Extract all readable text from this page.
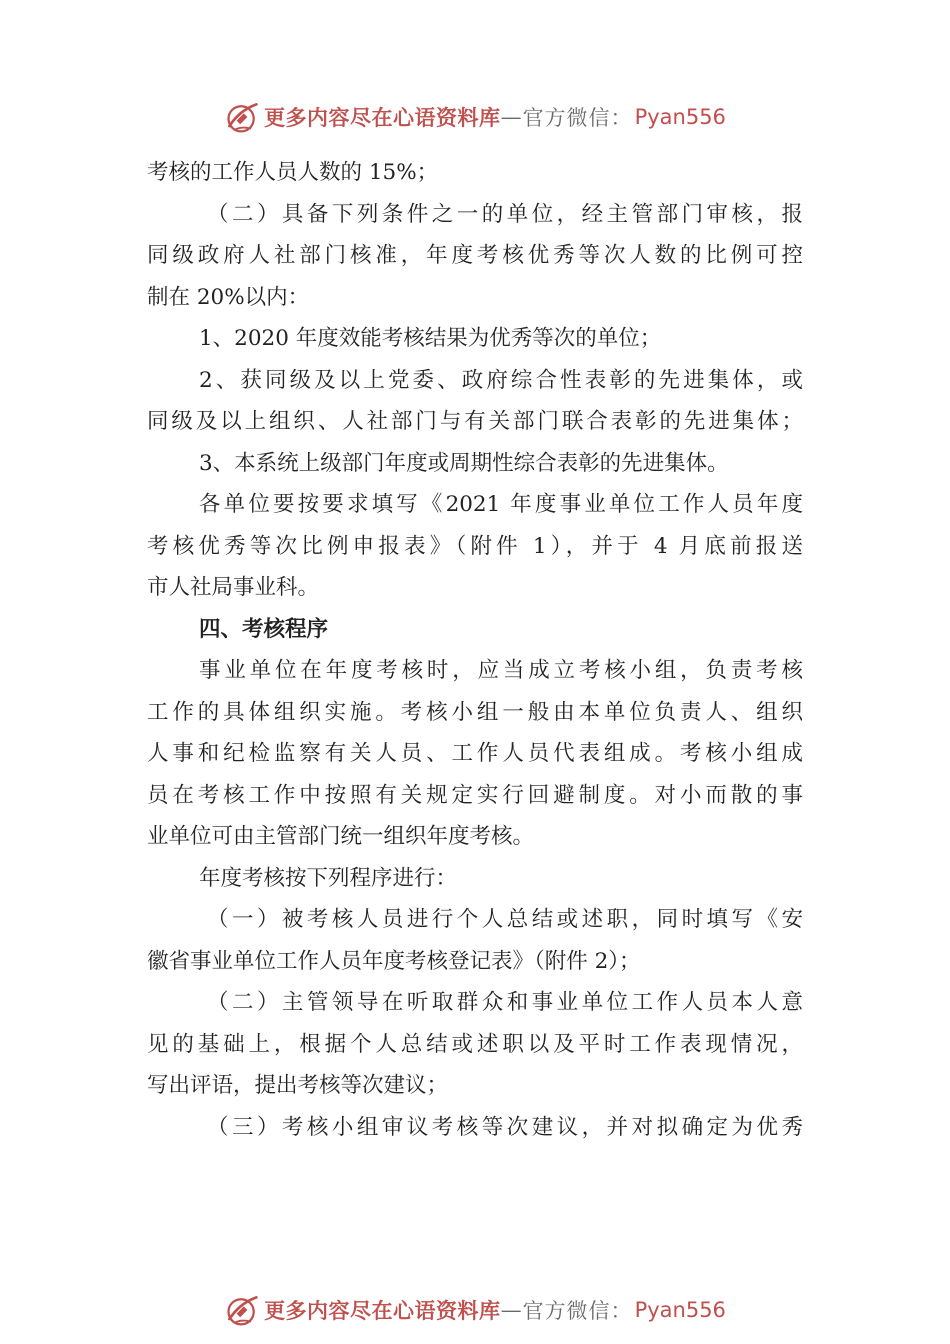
更多内容尽在心语资料库 — 官方微信： Pyan556
考核的工作人员人数的 15%；
（二）具备下列条件之一的单位，经主管部门审核，报
同级政府人社部门核准，年度考核优秀等次人数的比例可控
制在 20%以内：
1、2020 年度效能考核结果为优秀等次的单位；
2、获同级及以上党委、政府综合性表彰的先进集体，或
同级及以上组织、人社部门与有关部门联合表彰的先进集体；
3、本系统上级部门年度或周期性综合表彰的先进集体。
各单位要按要求填写《2021 年度事业单位工作人员年度
考核优秀等次比例申报表》（附件 1），并于 4 月底前报送
市人社局事业科。
四、考核程序
事业单位在年度考核时，应当成立考核小组，负责考核
工作的具体组织实施。考核小组一般由本单位负责人、组织
人事和纪检监察有关人员、工作人员代表组成。考核小组成
员在考核工作中按照有关规定实行回避制度。对小而散的事
业单位可由主管部门统一组织年度考核。
年度考核按下列程序进行：
（一）被考核人员进行个人总结或述职，同时填写《安
徽省事业单位工作人员年度考核登记表》（附件 2）；
（二）主管领导在听取群众和事业单位工作人员本人意
见的基础上，根据个人总结或述职以及平时工作表现情况，
写出评语，提出考核等次建议；
（三）考核小组审议考核等次建议，并对拟确定为优秀
更多内容尽在心语资料库 — 官方微信： Pyan556
